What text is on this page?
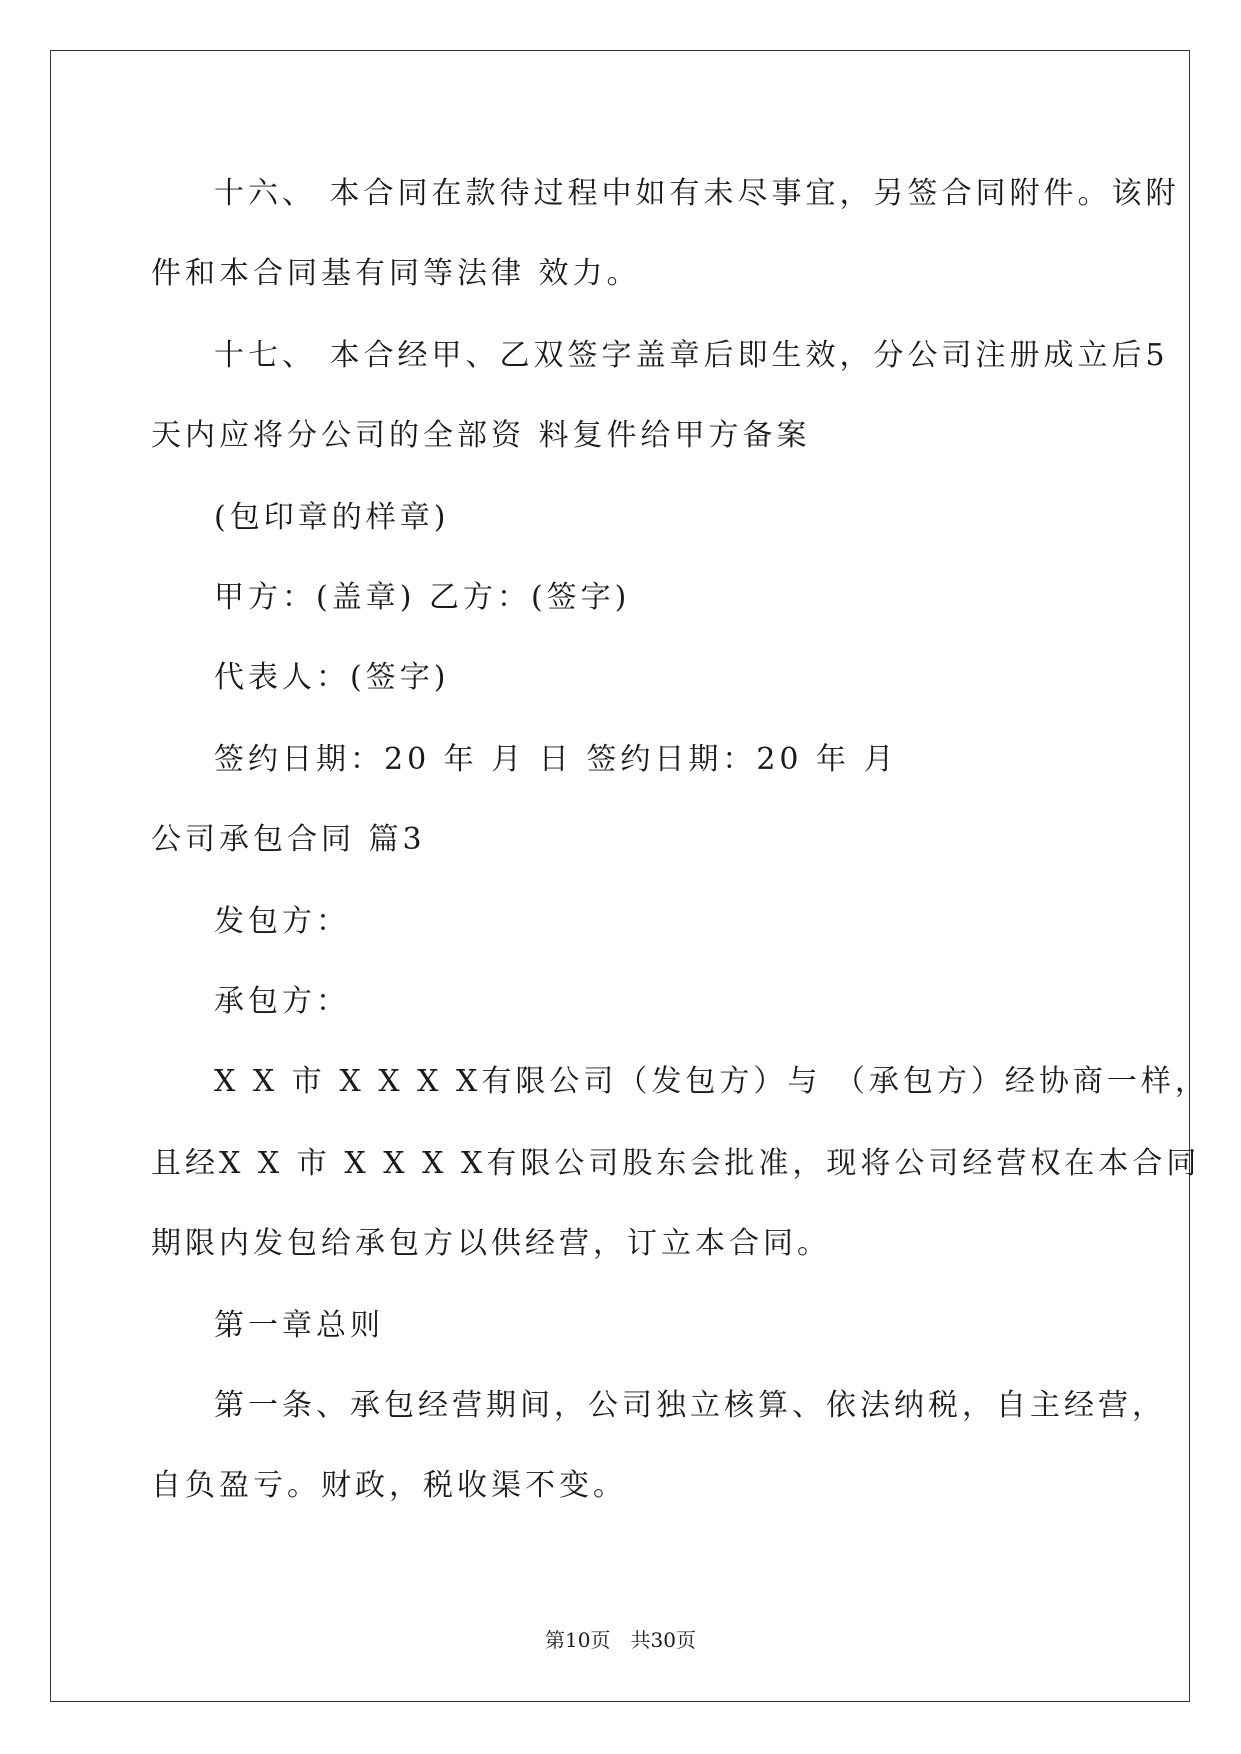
十六、 本合同在款待过程中如有未尽事宜，另签合同附件。该附
件和本合同基有同等法律 效力。
十七、 本合经甲、乙双签字盖章后即生效，分公司注册成立后5
天内应将分公司的全部资 料复件给甲方备案
(包印章的样章)
甲方：(盖章) 乙方：(签字)
代表人：(签字)
签约日期：20 年 月 日 签约日期：20 年 月
公司承包合同 篇3
发包方：
承包方：
X X 市 X X X X有限公司（发包方）与 （承包方）经协商一样，
且经X X 市 X X X X有限公司股东会批准，现将公司经营权在本合同
期限内发包给承包方以供经营，订立本合同。
第一章总则
第一条、承包经营期间，公司独立核算、依法纳税，自主经营，
自负盈亏。财政，税收渠不变。
第10页　共30页
